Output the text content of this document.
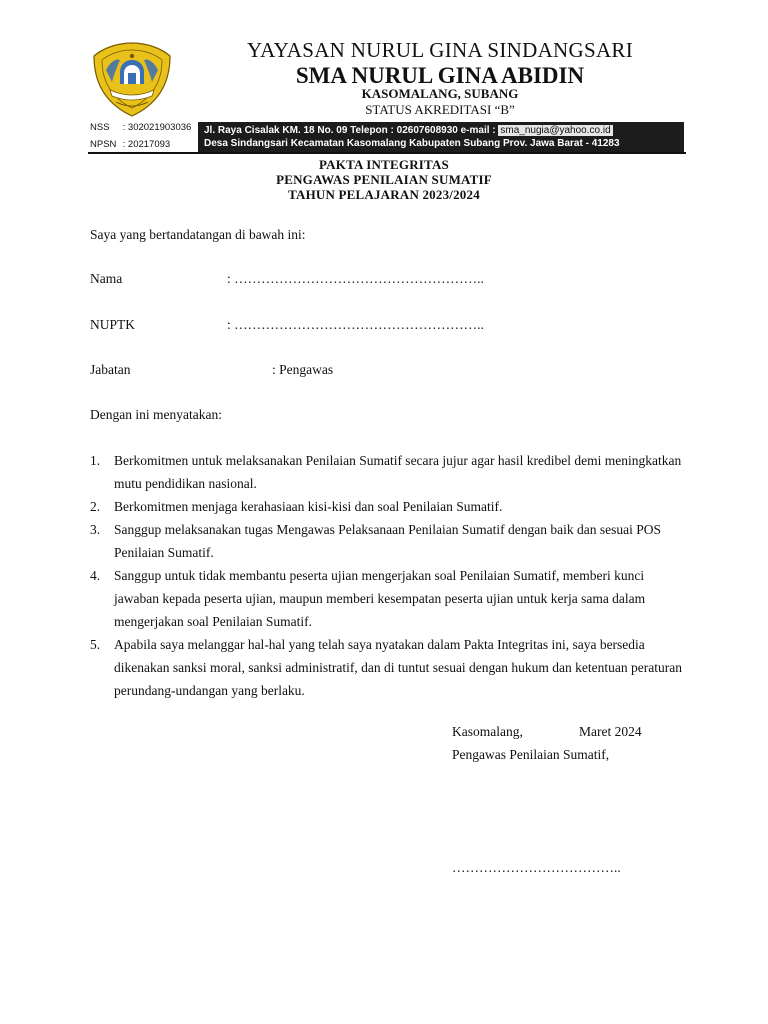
YAYASAN NURUL GINA SINDANGSARI
SMA NURUL GINA ABIDIN
KASOMALANG, SUBANG
STATUS AKREDITASI “B”
NSS : 302021903036
NPSN : 20217093
Jl. Raya Cisalak KM. 18 No. 09 Telepon : 02607608930 e-mail : sma_nugia@yahoo.co.id
Desa Sindangsari Kecamatan Kasomalang Kabupaten Subang Prov. Jawa Barat - 41283
PAKTA INTEGRITAS
PENGAWAS PENILAIAN SUMATIF
TAHUN PELAJARAN 2023/2024
Saya yang bertandatangan di bawah ini:
Nama	: ………………………………………………..
NUPTK	: ………………………………………………..
Jabatan	: Pengawas
Dengan ini menyatakan:
1. Berkomitmen untuk melaksanakan Penilaian Sumatif secara jujur agar hasil kredibel demi meningkatkan mutu pendidikan nasional.
2. Berkomitmen menjaga kerahasiaan kisi-kisi dan soal Penilaian Sumatif.
3. Sanggup melaksanakan tugas Mengawas Pelaksanaan Penilaian Sumatif dengan baik dan sesuai POS Penilaian Sumatif.
4. Sanggup untuk tidak membantu peserta ujian mengerjakan soal Penilaian Sumatif, memberi kunci jawaban kepada peserta ujian, maupun memberi kesempatan peserta ujian untuk kerja sama dalam mengerjakan soal Penilaian Sumatif.
5. Apabila saya melanggar hal-hal yang telah saya nyatakan dalam Pakta Integritas ini, saya bersedia dikenakan sanksi moral, sanksi administratif, dan di tuntut sesuai dengan hukum dan ketentuan peraturan perundang-undangan yang berlaku.
Kasomalang,	Maret 2024
Pengawas Penilaian Sumatif,
………………………………..
